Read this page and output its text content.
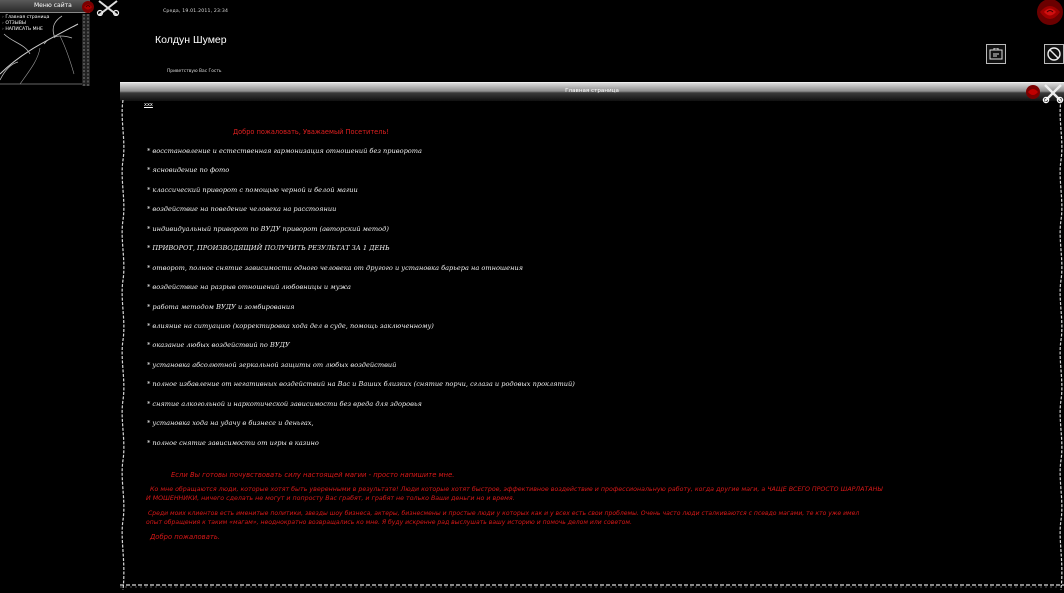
Меню сайта
› Главная страница
› ОТЗЫВЫ
› НАПИСАТЬ МНЕ
Среда, 19.01.2011, 23:34
Колдун Шумер
Приветствую Вас Гость
Главная страница
ххх
Добро пожаловать, Уважаемый Посетитель!
* восстановление и естественная гармонизация отношений без приворота
* ясновидение по фото
* классический приворот с помощью черной и белой магии
* воздействие на поведение человека на расстоянии
* индивидуальный приворот по ВУДУ приворот (авторский метод)
* ПРИВОРОТ, ПРОИЗВОДЯЩИЙ ПОЛУЧИТЬ РЕЗУЛЬТАТ ЗА 1 ДЕНЬ
* отворот, полное снятие зависимости одного человека от другого и установка барьера на отношения
* воздействие на разрыв отношений любовницы и мужа
* работа методом ВУДУ и зомбирования
* влияние на ситуацию (корректировка хода дел в суде, помощь заключенному)
* оказание любых воздействий по ВУДУ
* установка абсолютной зеркальной защиты от любых воздействий
* полное избавление от негативных воздействий на Вас и Ваших близких (снятие порчи, сглаза и родовых проклятий)
* снятие алкогольной и наркотической зависимости без вреда для здоровья
* установка хода на удачу в бизнесе и деньгах,
* полное снятие зависимости от игры в казино
Если Вы готовы почувствовать силу настоящей магии - просто напишите мне.
Ко мне обращаются люди, которые хотят быть уверенными в результате! Люди которые хотят быстрое, эффективное воздействие и профессиональную работу, когда другие маги, а ЧАЩЕ ВСЕГО ПРОСТО ШАРЛАТАНЫ
И МОШЕННИКИ, ничего сделать не могут и попросту Вас грабят, и грабят не только Ваши деньги но и время.
Среди моих клиентов есть именитые политики, звезды шоу бизнеса, актеры, бизнесмены и простые люди у которых как и у всех есть свои проблемы. Очень часто люди сталкиваются с псевдо магами, те кто уже имел
опыт обращения к таким «магам», неоднократно возвращались ко мне. Я буду искренне рад выслушать вашу историю и помочь делом или советом.
Добро пожаловать.
